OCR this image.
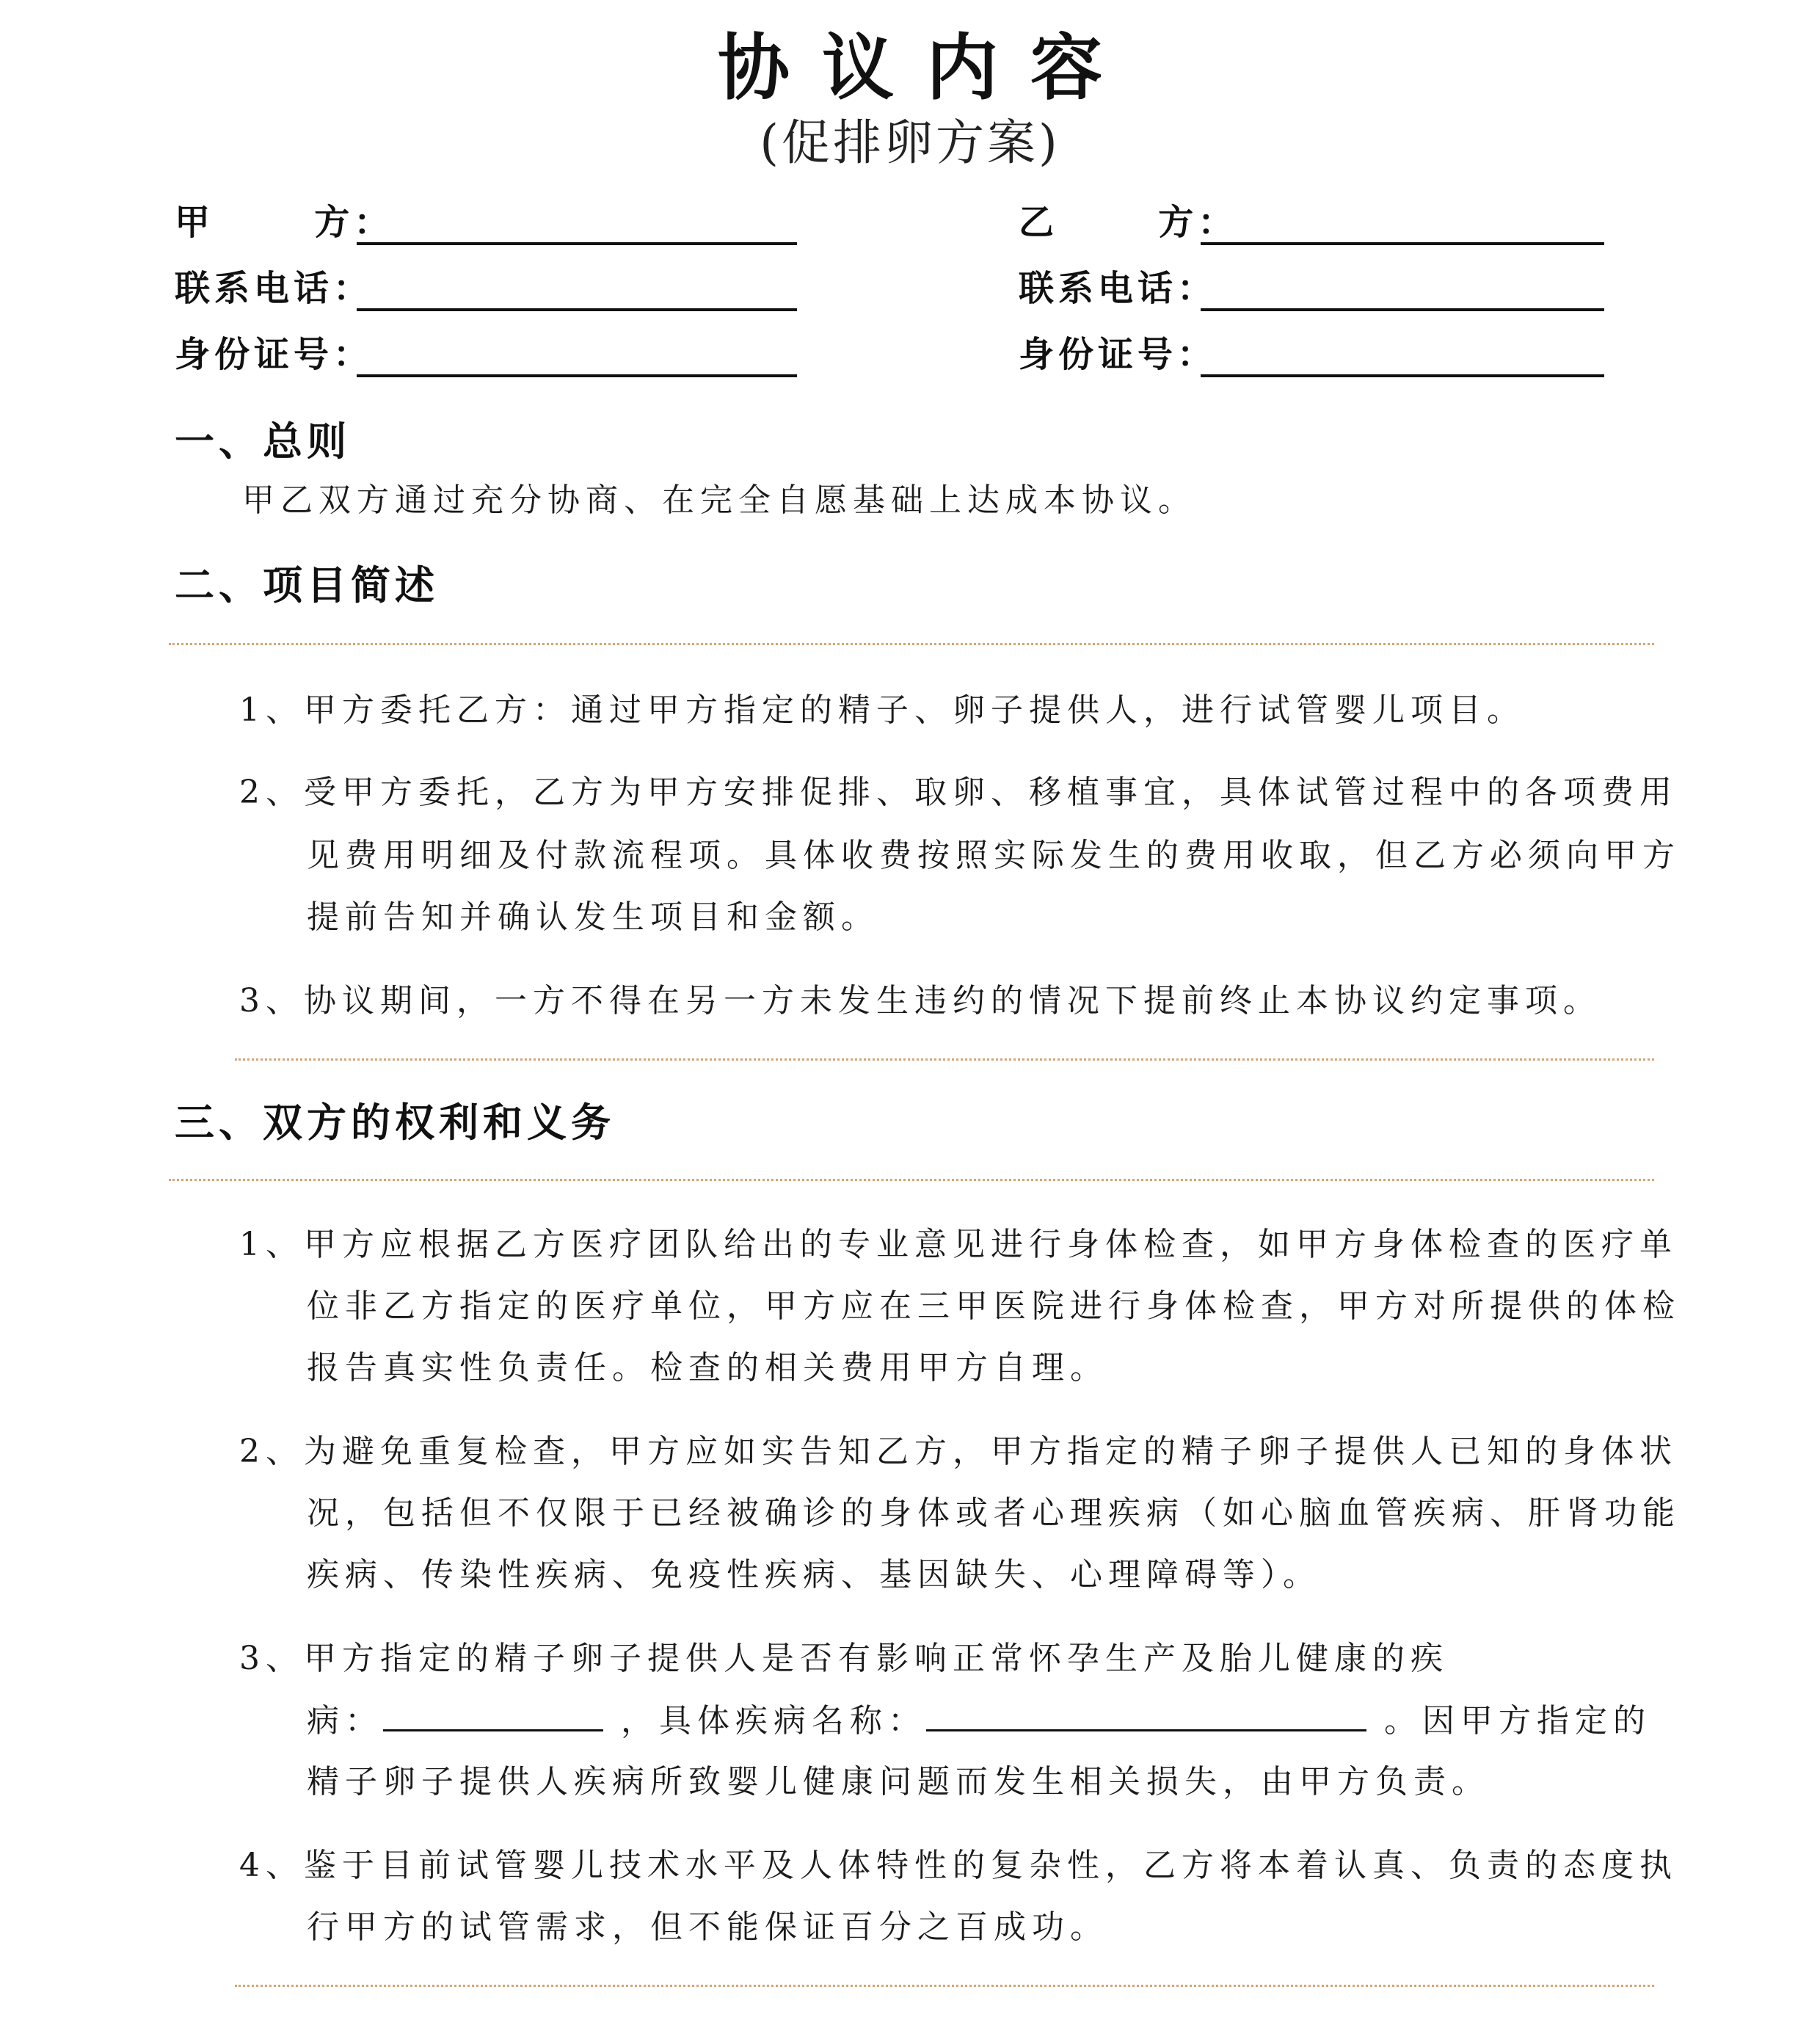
协议内容
(促排卵方案)
甲      方：	乙      方：
联系电话：	联系电话：
身份证号：	身份证号：
一、总则
甲乙双方通过充分协商、在完全自愿基础上达成本协议。
二、项目简述
1、甲方委托乙方：通过甲方指定的精子、卵子提供人，进行试管婴儿项目。
2、受甲方委托，乙方为甲方安排促排、取卵、移植事宜，具体试管过程中的各项费用
见费用明细及付款流程项。具体收费按照实际发生的费用收取，但乙方必须向甲方
提前告知并确认发生项目和金额。
3、协议期间，一方不得在另一方未发生违约的情况下提前终止本协议约定事项。
三、双方的权利和义务
1、甲方应根据乙方医疗团队给出的专业意见进行身体检查，如甲方身体检查的医疗单
位非乙方指定的医疗单位，甲方应在三甲医院进行身体检查，甲方对所提供的体检
报告真实性负责任。检查的相关费用甲方自理。
2、为避免重复检查，甲方应如实告知乙方，甲方指定的精子卵子提供人已知的身体状
况，包括但不仅限于已经被确诊的身体或者心理疾病（如心脑血管疾病、肝肾功能
疾病、传染性疾病、免疫性疾病、基因缺失、心理障碍等）。
3、甲方指定的精子卵子提供人是否有影响正常怀孕生产及胎儿健康的疾
病：	，具体疾病名称：	。因甲方指定的
精子卵子提供人疾病所致婴儿健康问题而发生相关损失，由甲方负责。
4、鉴于目前试管婴儿技术水平及人体特性的复杂性，乙方将本着认真、负责的态度执
行甲方的试管需求，但不能保证百分之百成功。
